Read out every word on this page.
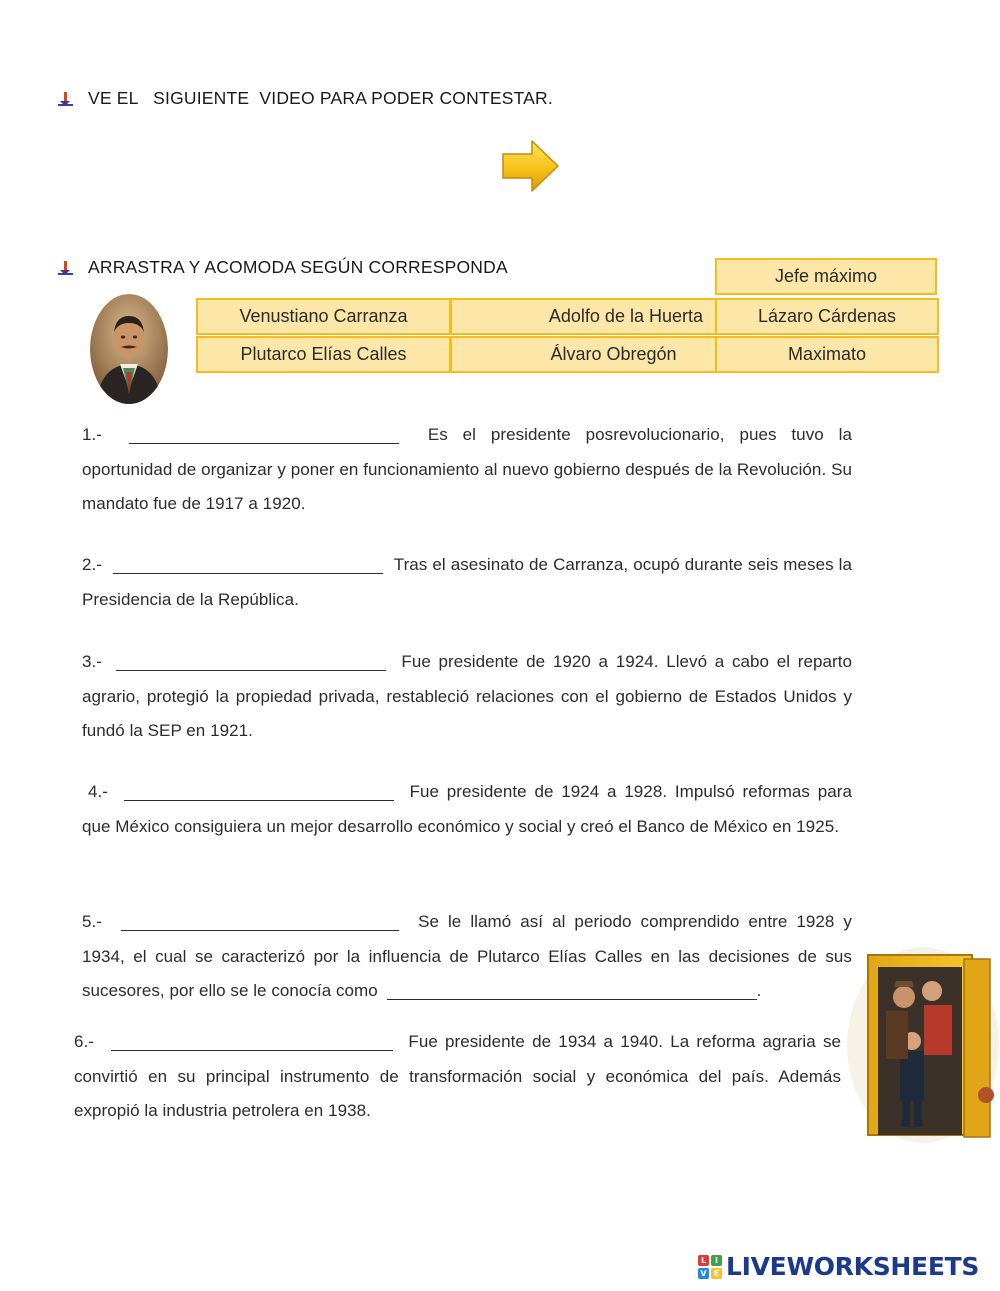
VE EL   SIGUIENTE  VIDEO PARA PODER CONTESTAR.
ARRASTRA Y ACOMODA SEGÚN CORRESPONDA	Jefe máximo
Venustiano Carranza	Adolfo de la Huerta	Lázaro Cárdenas
Plutarco Elías Calles	Álvaro Obregón	Maximato
1.-	Es el presidente posrevolucionario, pues tuvo la oportunidad de organizar y poner en funcionamiento al nuevo gobierno después de la Revolución. Su mandato fue de 1917 a 1920.
2.-	Tras el asesinato de Carranza, ocupó durante seis meses la Presidencia de la República.
3.-	Fue presidente de 1920 a 1924. Llevó a cabo el reparto agrario, protegió la propiedad privada, restableció relaciones con el gobierno de Estados Unidos y fundó la SEP en 1921.
4.-	Fue presidente de 1924 a 1928. Impulsó reformas para que México consiguiera un mejor desarrollo económico y social y creó el Banco de México en 1925.
5.-	Se le llamó así al periodo comprendido entre 1928 y 1934, el cual se caracterizó por la influencia de Plutarco Elías Calles en las decisiones de sus sucesores, por ello se le conocía como	.
6.-	Fue presidente de 1934 a 1940. La reforma agraria se convirtió en su principal instrumento de transformación social y económica del país. Además expropió la industria petrolera en 1938.
L	I
V E LIVEWORKSHEETS
